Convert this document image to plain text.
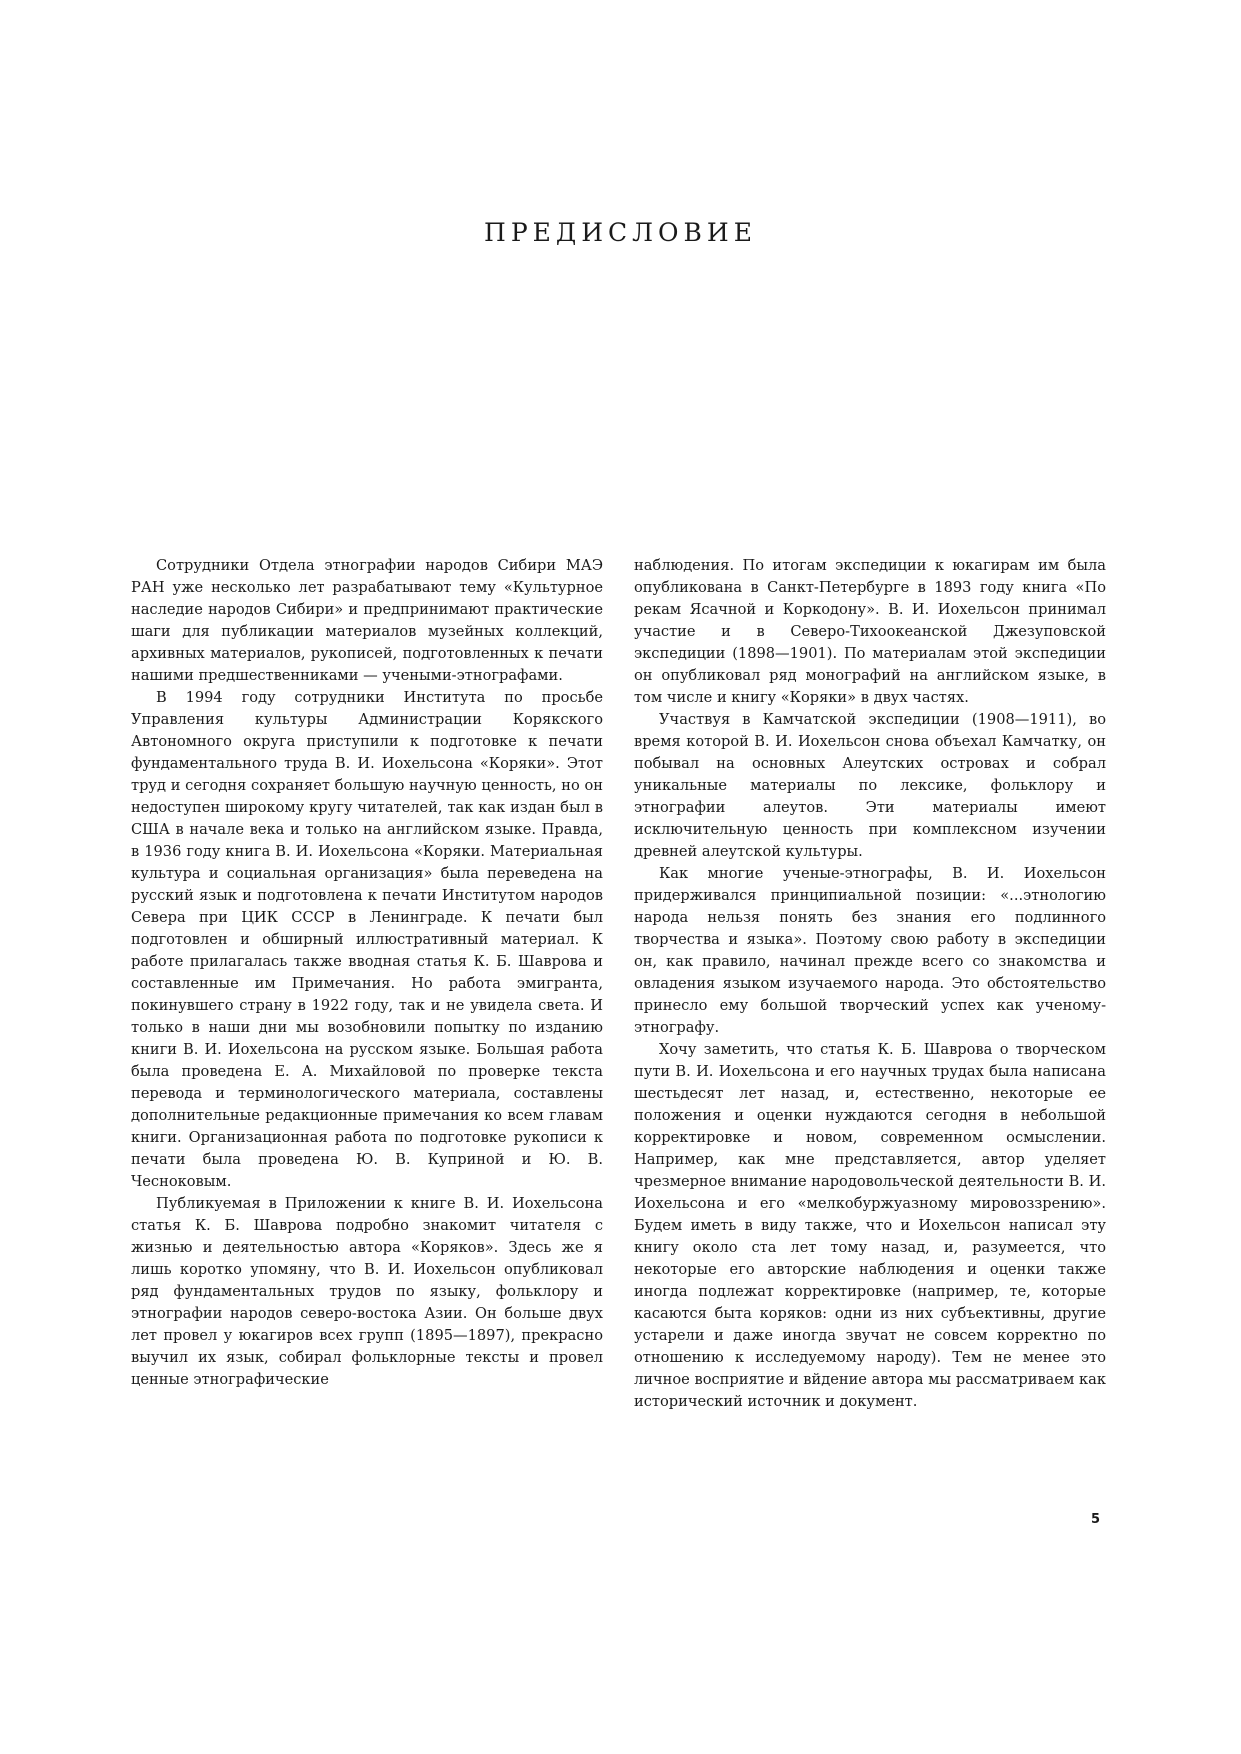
ПРЕДИСЛОВИЕ

Сотрудники Отдела этнографии народов Сибири МАЭ РАН уже несколько лет разрабатывают тему «Культурное наследие народов Сибири» и предпринимают практические шаги для публикации материалов музейных коллекций, архивных материалов, рукописей, подготовленных к печати нашими предшественниками — учеными-этнографами.

В 1994 году сотрудники Института по просьбе Управления культуры Администрации Корякского Автономного округа приступили к подготовке к печати фундаментального труда В. И. Иохельсона «Коряки». Этот труд и сегодня сохраняет большую научную ценность, но он недоступен широкому кругу читателей, так как издан был в США в начале века и только на английском языке. Правда, в 1936 году книга В. И. Иохельсона «Коряки. Материальная культура и социальная организация» была переведена на русский язык и подготовлена к печати Институтом народов Севера при ЦИК СССР в Ленинграде. К печати был подготовлен и обширный иллюстративный материал. К работе прилагалась также вводная статья К. Б. Шаврова и составленные им Примечания. Но работа эмигранта, покинувшего страну в 1922 году, так и не увидела света. И только в наши дни мы возобновили попытку по изданию книги В. И. Иохельсона на русском языке. Большая работа была проведена Е. А. Михайловой по проверке текста перевода и терминологического материала, составлены дополнительные редакционные примечания ко всем главам книги. Организационная работа по подготовке рукописи к печати была проведена Ю. В. Куприной и Ю. В. Чесноковым.

Публикуемая в Приложении к книге В. И. Иохельсона статья К. Б. Шаврова подробно знакомит читателя с жизнью и деятельностью автора «Коряков». Здесь же я лишь коротко упомяну, что В. И. Иохельсон опубликовал ряд фундаментальных трудов по языку, фольклору и этнографии народов северо-востока Азии. Он больше двух лет провел у юкагиров всех групп (1895—1897), прекрасно выучил их язык, собирал фольклорные тексты и провел ценные этнографические

наблюдения. По итогам экспедиции к юкагирам им была опубликована в Санкт-Петербурге в 1893 году книга «По рекам Ясачной и Коркодону». В. И. Иохельсон принимал участие и в Северо-Тихоокеанской Джезуповской экспедиции (1898—1901). По материалам этой экспедиции он опубликовал ряд монографий на английском языке, в том числе и книгу «Коряки» в двух частях.

Участвуя в Камчатской экспедиции (1908—1911), во время которой В. И. Иохельсон снова объехал Камчатку, он побывал на основных Алеутских островах и собрал уникальные материалы по лексике, фольклору и этнографии алеутов. Эти материалы имеют исключительную ценность при комплексном изучении древней алеутской культуры.

Как многие ученые-этнографы, В. И. Иохельсон придерживался принципиальной позиции: «...этнологию народа нельзя понять без знания его подлинного творчества и языка». Поэтому свою работу в экспедиции он, как правило, начинал прежде всего со знакомства и овладения языком изучаемого народа. Это обстоятельство принесло ему большой творческий успех как ученому-этнографу.

Хочу заметить, что статья К. Б. Шаврова о творческом пути В. И. Иохельсона и его научных трудах была написана шестьдесят лет назад, и, естественно, некоторые ее положения и оценки нуждаются сегодня в небольшой корректировке и новом, современном осмыслении. Например, как мне представляется, автор уделяет чрезмерное внимание народовольческой деятельности В. И. Иохельсона и его «мелкобуржуазному мировоззрению». Будем иметь в виду также, что и Иохельсон написал эту книгу около ста лет тому назад, и, разумеется, что некоторые его авторские наблюдения и оценки также иногда подлежат корректировке (например, те, которые касаются быта коряков: одни из них субъективны, другие устарели и даже иногда звучат не совсем корректно по отношению к исследуемому народу). Тем не менее это личное восприятие и вйдение автора мы рассматриваем как исторический источник и документ.

5
